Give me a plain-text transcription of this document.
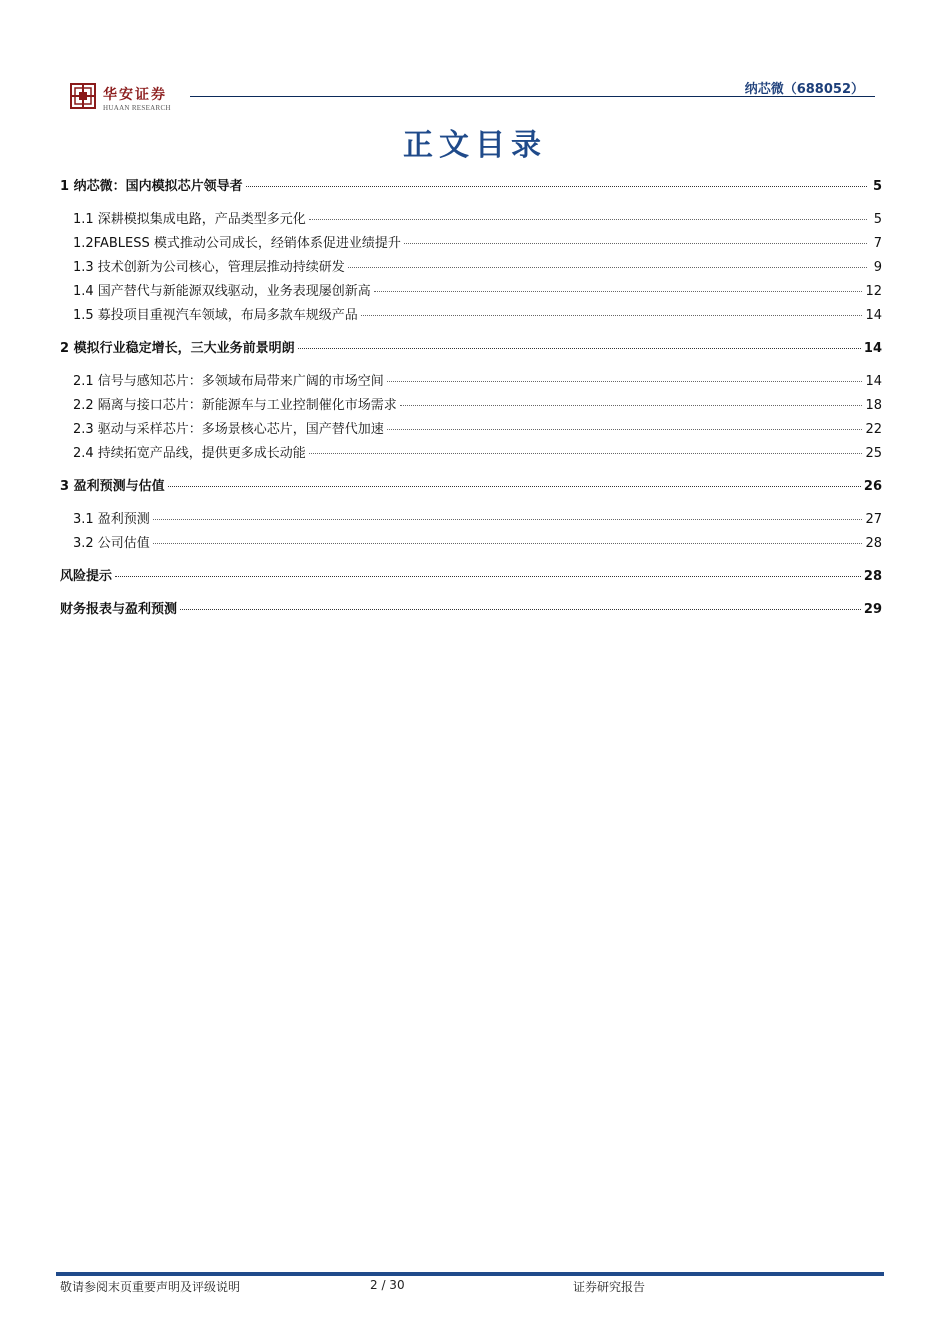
华安证券
HUAAN RESEARCH
纳芯微（688052）
正文目录
1 纳芯微：国内模拟芯片领导者	5
1.1 深耕模拟集成电路，产品类型多元化	5
1.2FABLESS 模式推动公司成长，经销体系促进业绩提升	7
1.3 技术创新为公司核心，管理层推动持续研发	9
1.4 国产替代与新能源双线驱动，业务表现屡创新高	12
1.5 募投项目重视汽车领域，布局多款车规级产品	14
2 模拟行业稳定增长，三大业务前景明朗	14
2.1 信号与感知芯片：多领域布局带来广阔的市场空间	14
2.2 隔离与接口芯片：新能源车与工业控制催化市场需求	18
2.3 驱动与采样芯片：多场景核心芯片，国产替代加速	22
2.4 持续拓宽产品线，提供更多成长动能	25
3 盈利预测与估值	26
3.1 盈利预测	27
3.2 公司估值	28
风险提示	28
财务报表与盈利预测	29
敬请参阅末页重要声明及评级说明	2 / 30	证券研究报告
